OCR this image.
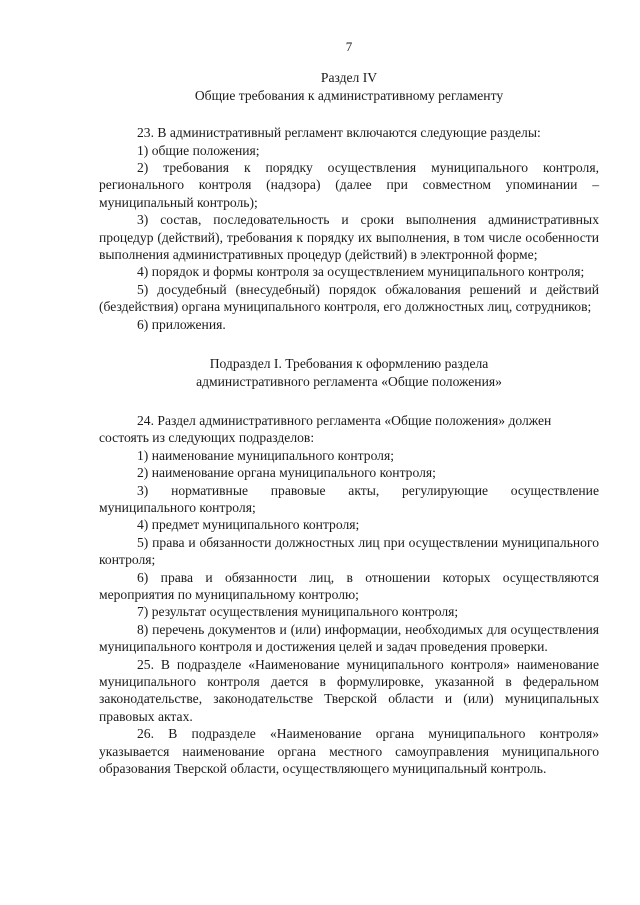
7
Раздел IV
Общие требования к административному регламенту

23. В административный регламент включаются следующие разделы:

1) общие положения;

2) требования к порядку осуществления муниципального контроля, регионального контроля (надзора) (далее при совместном упоминании – муниципальный контроль);

3) состав, последовательность и сроки выполнения административных процедур (действий), требования к порядку их выполнения, в том числе особенности выполнения административных процедур (действий) в электронной форме;

4) порядок и формы контроля за осуществлением муниципального контроля;

5) досудебный (внесудебный) порядок обжалования решений и действий (бездействия) органа муниципального контроля, его должностных лиц, сотрудников;

6) приложения.

Подраздел I. Требования к оформлению раздела
административного регламента «Общие положения»

24. Раздел административного регламента «Общие положения» должен

состоять из следующих подразделов:

1) наименование муниципального контроля;

2) наименование органа муниципального контроля;

3) нормативные правовые акты, регулирующие осуществление муниципального контроля;

4) предмет муниципального контроля;

5) права и обязанности должностных лиц при осуществлении муниципального контроля;

6) права и обязанности лиц, в отношении которых осуществляются мероприятия по муниципальному контролю;

7) результат осуществления муниципального контроля;

8) перечень документов и (или) информации, необходимых для осуществления муниципального контроля и достижения целей и задач проведения проверки.

25. В подразделе «Наименование муниципального контроля» наименование муниципального контроля дается в формулировке, указанной в федеральном законодательстве, законодательстве Тверской области и (или) муниципальных правовых актах.

26. В подразделе «Наименование органа муниципального контроля» указывается наименование органа местного самоуправления муниципального образования Тверской области, осуществляющего муниципальный контроль.
